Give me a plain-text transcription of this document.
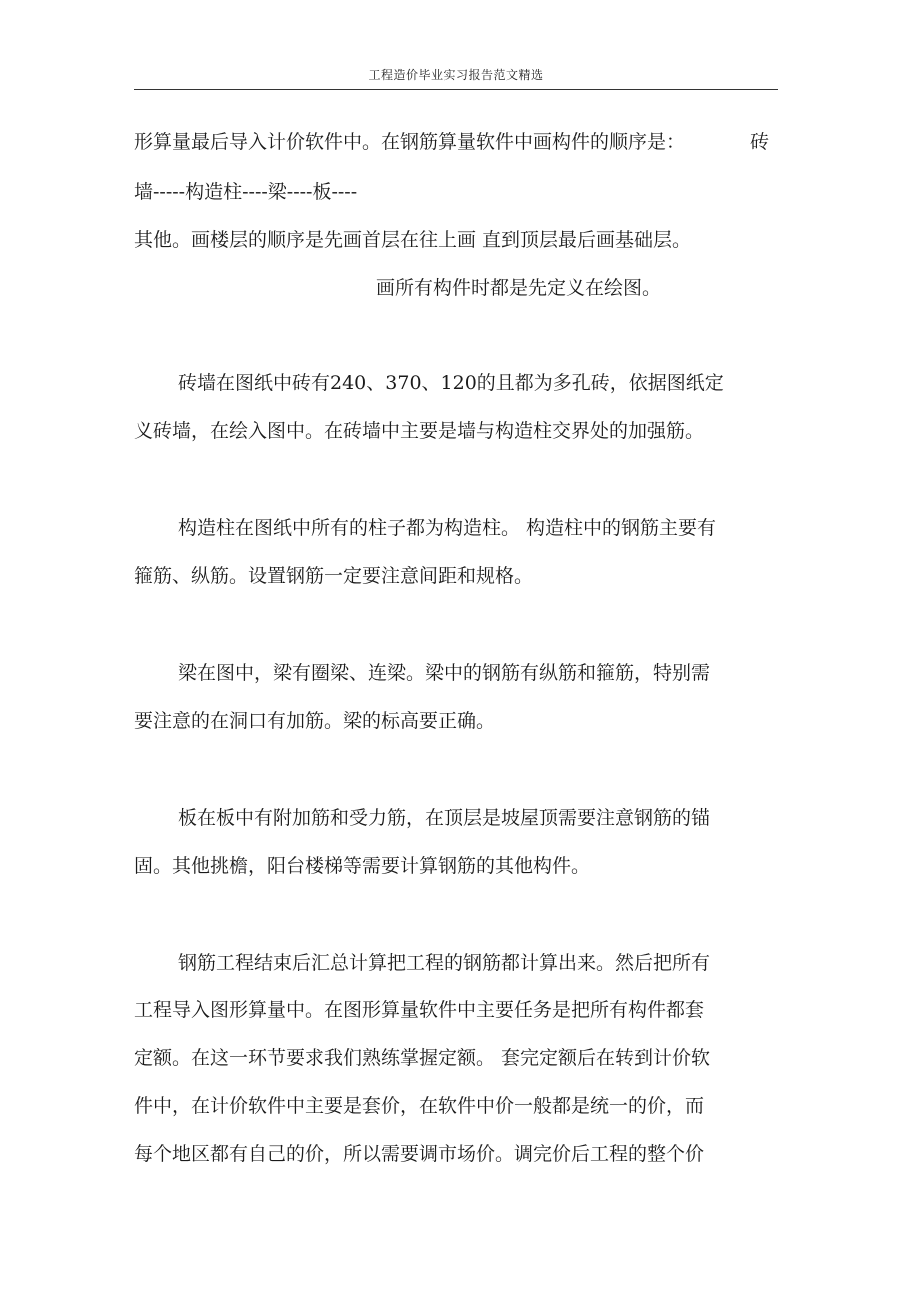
工程造价毕业实习报告范文精选
形算量最后导入计价软件中。在钢筋算量软件中画构件的顺序是：	砖
墙-----构造柱----梁----板----
其他。画楼层的顺序是先画首层在往上画 直到顶层最后画基础层。
画所有构件时都是先定义在绘图。
砖墙在图纸中砖有240、370、120的且都为多孔砖，依据图纸定
义砖墙，在绘入图中。在砖墙中主要是墙与构造柱交界处的加强筋。
构造柱在图纸中所有的柱子都为构造柱。 构造柱中的钢筋主要有
箍筋、纵筋。设置钢筋一定要注意间距和规格。
梁在图中，梁有圈梁、连梁。梁中的钢筋有纵筋和箍筋，特别需
要注意的在洞口有加筋。梁的标高要正确。
板在板中有附加筋和受力筋，在顶层是坡屋顶需要注意钢筋的锚
固。其他挑檐，阳台楼梯等需要计算钢筋的其他构件。
钢筋工程结束后汇总计算把工程的钢筋都计算出来。然后把所有
工程导入图形算量中。在图形算量软件中主要任务是把所有构件都套
定额。在这一环节要求我们熟练掌握定额。 套完定额后在转到计价软
件中，在计价软件中主要是套价，在软件中价一般都是统一的价，而
每个地区都有自己的价，所以需要调市场价。调完价后工程的整个价
